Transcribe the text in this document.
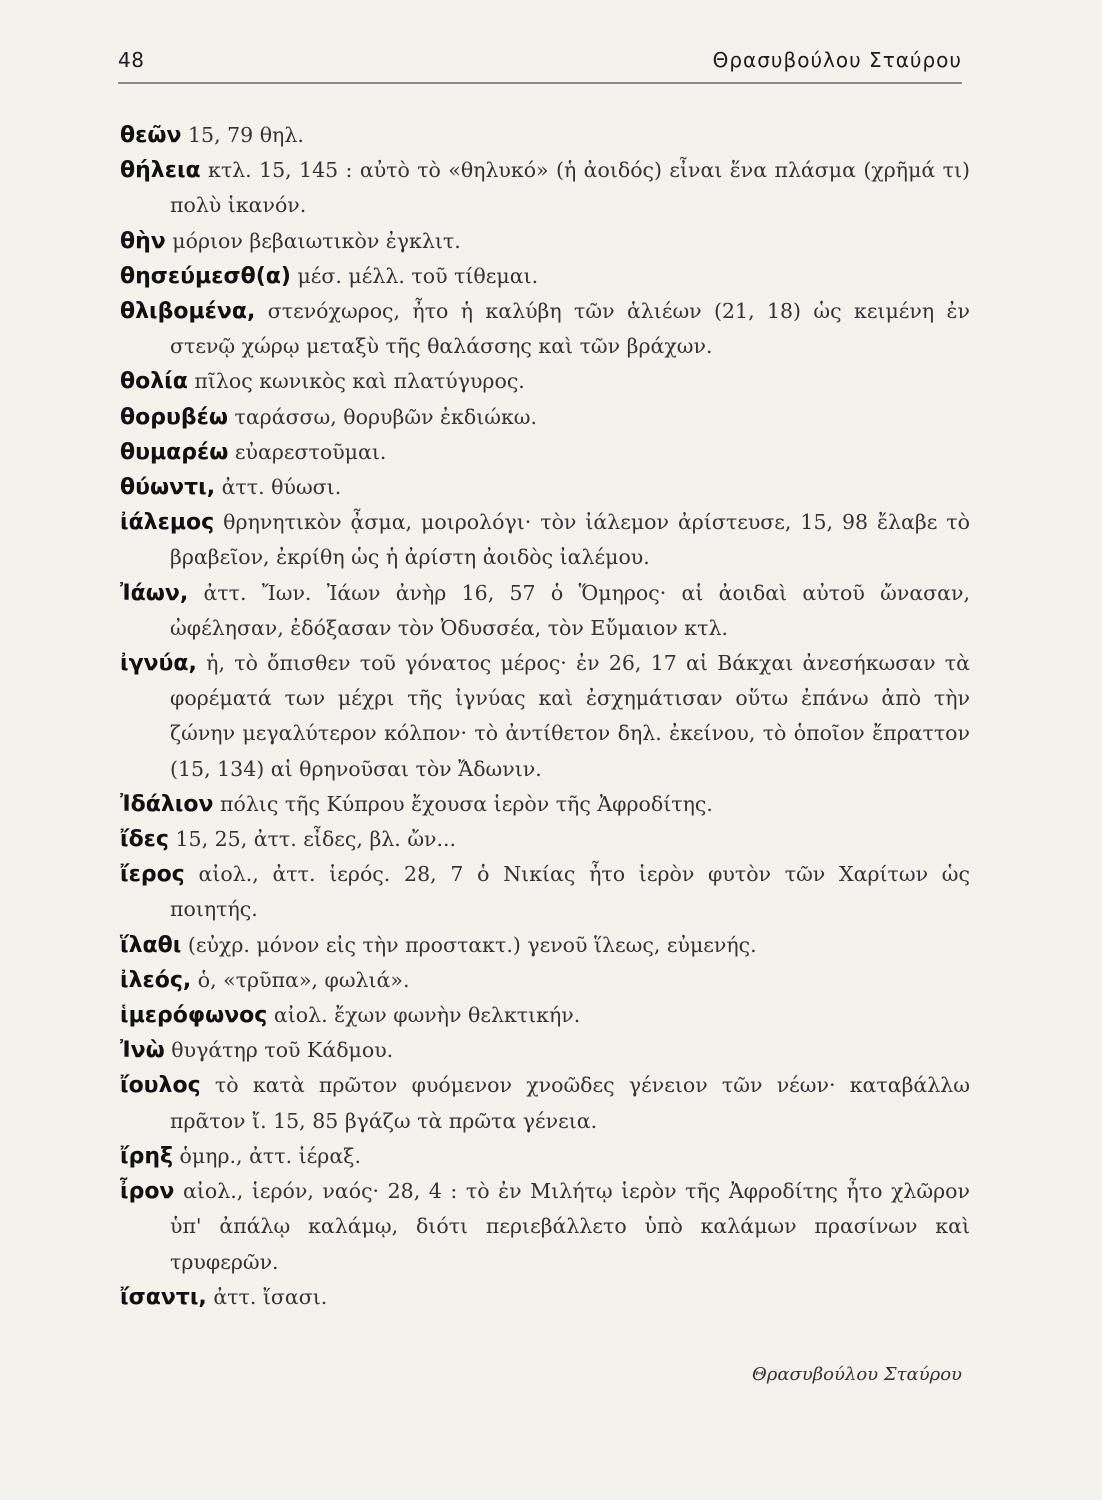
48	Θρασυβούλου Σταύρου
θεῶν 15, 79 θηλ.
θήλεια κτλ. 15, 145 : αὐτὸ τὸ «θηλυκό» (ἡ ἀοιδός) εἶναι ἕνα πλάσμα (χρῆμά τι) πολὺ ἱκανόν.
θὴν μόριον βεβαιωτικὸν ἐγκλιτ.
θησεύμεσθ(α) μέσ. μέλλ. τοῦ τίθεμαι.
θλιβομένα, στενόχωρος, ἦτο ἡ καλύβη τῶν ἁλιέων (21, 18) ὡς κειμένη ἐν στενῷ χώρῳ μεταξὺ τῆς θαλάσσης καὶ τῶν βράχων.
θολία πῖλος κωνικὸς καὶ πλατύγυρος.
θορυβέω ταράσσω, θορυβῶν ἐκδιώκω.
θυμαρέω εὐαρεστοῦμαι.
θύωντι, ἀττ. θύωσι.
ἰάλεμος θρηνητικὸν ᾆσμα, μοιρολόγι· τὸν ἰάλεμον ἀρίστευσε, 15, 98 ἔλαβε τὸ βραβεῖον, ἐκρίθη ὡς ἡ ἀρίστη ἀοιδὸς ἰαλέμου.
Ἰάων, ἀττ. Ἴων. Ἰάων ἀνὴρ 16, 57 ὁ Ὅμηρος· αἱ ἀοιδαὶ αὐτοῦ ὤνασαν, ὠφέλησαν, ἐδόξασαν τὸν Ὀδυσσέα, τὸν Εὔμαιον κτλ.
ἰγνύα, ἡ, τὸ ὄπισθεν τοῦ γόνατος μέρος· ἐν 26, 17 αἱ Βάκχαι ἀνεσήκωσαν τὰ φορέματά των μέχρι τῆς ἰγνύας καὶ ἐσχημάτισαν οὕτω ἐπάνω ἀπὸ τὴν ζώνην μεγαλύτερον κόλπον· τὸ ἀντίθετον δηλ. ἐκείνου, τὸ ὁποῖον ἔπραττον (15, 134) αἱ θρηνοῦσαι τὸν Ἄδωνιν.
Ἰδάλιον πόλις τῆς Κύπρου ἔχουσα ἱερὸν τῆς Ἀφροδίτης.
ἴδες 15, 25, ἀττ. εἶδες, βλ. ὤν...
ἴερος αἰολ., ἀττ. ἱερός. 28, 7 ὁ Νικίας ἦτο ἱερὸν φυτὸν τῶν Χαρίτων ὡς ποιητής.
ἵλαθι (εὐχρ. μόνον εἰς τὴν προστακτ.) γενοῦ ἵλεως, εὐμενής.
ἰλεός, ὁ, «τρῦπα», φωλιά».
ἱμερόφωνος αἰολ. ἔχων φωνὴν θελκτικήν.
Ἰνὼ θυγάτηρ τοῦ Κάδμου.
ἴουλος τὸ κατὰ πρῶτον φυόμενον χνοῶδες γένειον τῶν νέων· καταβάλλω πρᾶτον ἴ. 15, 85 βγάζω τὰ πρῶτα γένεια.
ἴρηξ ὁμηρ., ἀττ. ἱέραξ.
ἶρον αἰολ., ἱερόν, ναός· 28, 4 : τὸ ἐν Μιλήτῳ ἱερὸν τῆς Ἀφροδίτης ἦτο χλῶρον ὑπ' ἀπάλῳ καλάμῳ, διότι περιεβάλλετο ὑπὸ καλάμων πρασίνων καὶ τρυφερῶν.
ἴσαντι, ἀττ. ἴσασι.
Θρασυβούλου Σταύρου
